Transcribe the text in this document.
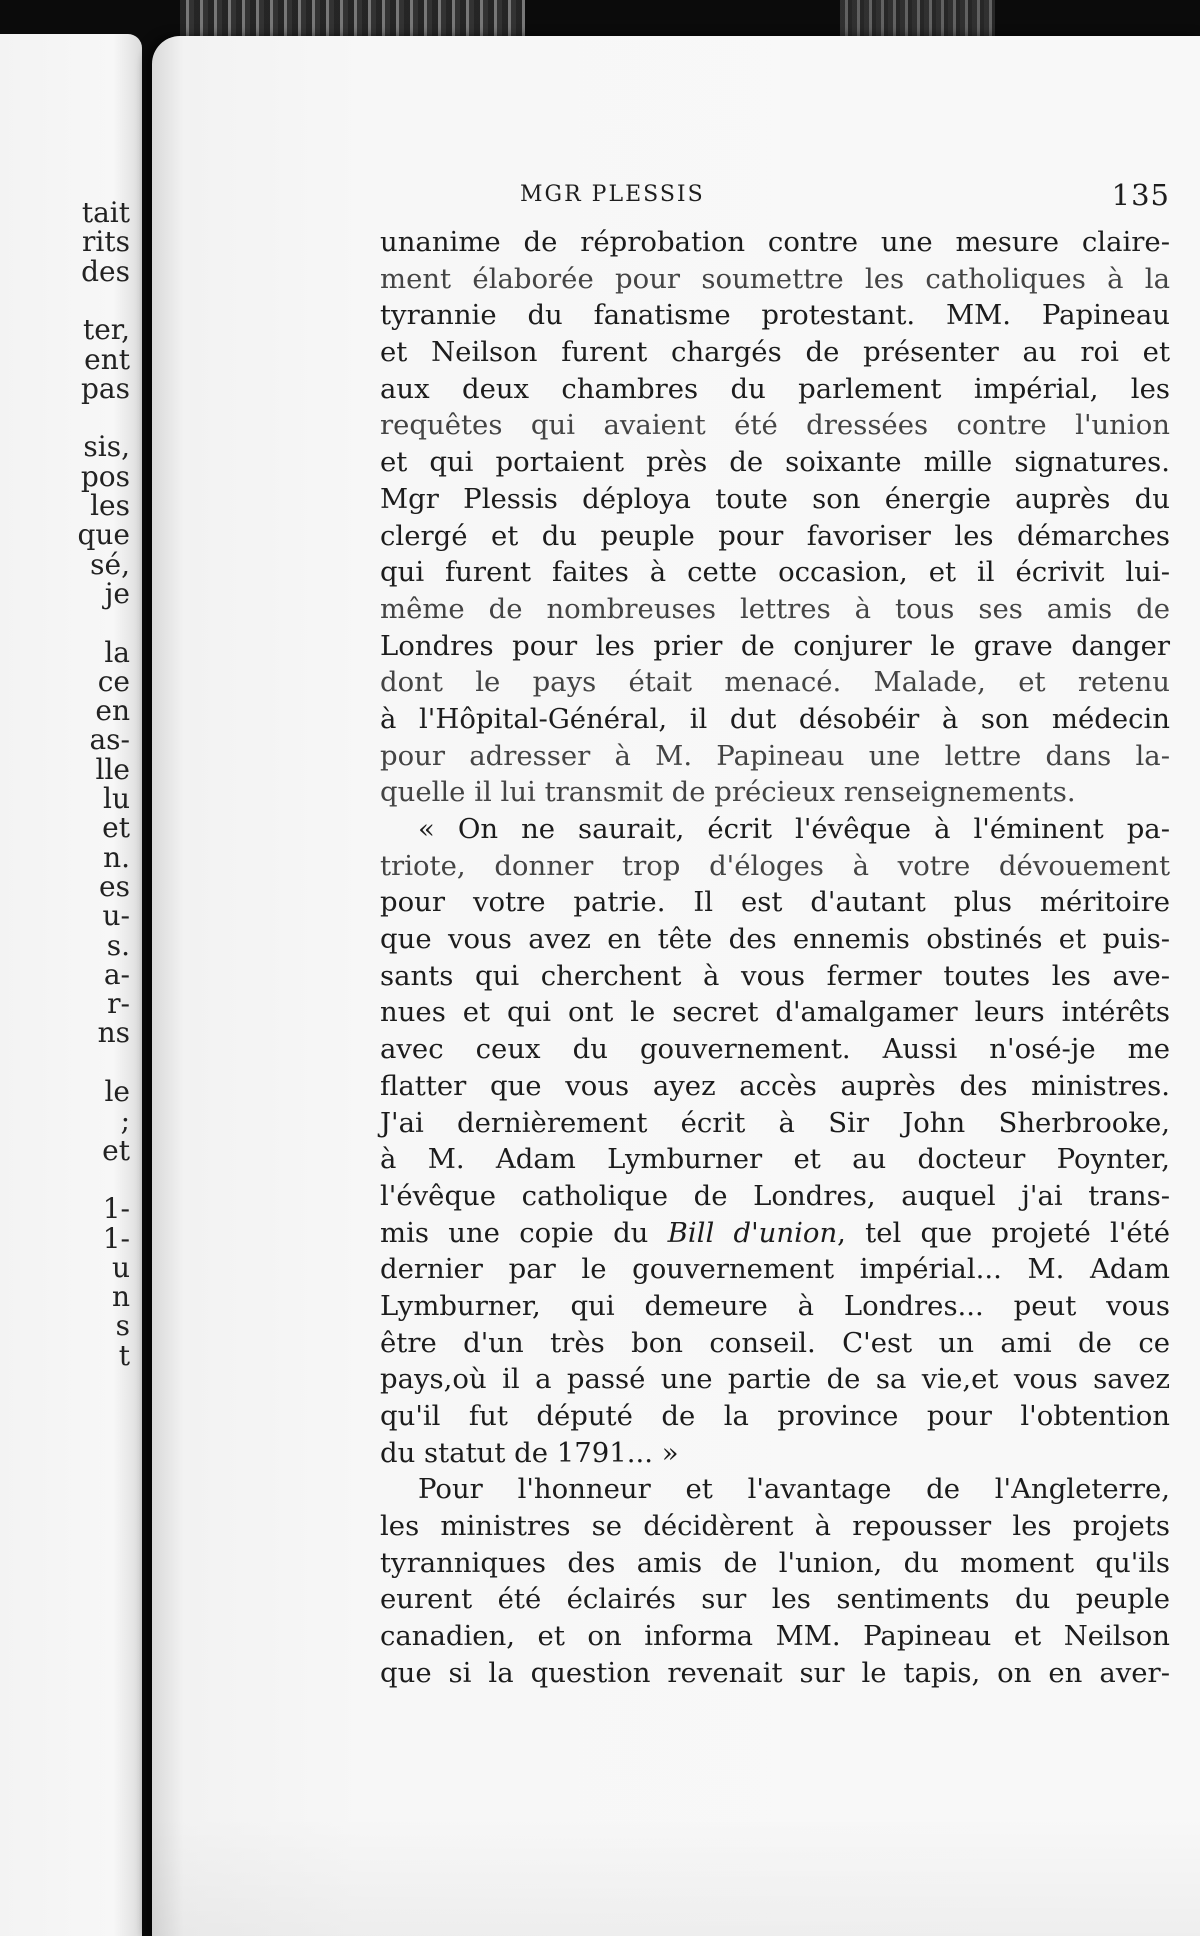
tait
rits
des
ter,
ent
pas
sis,
pos
les
que
sé,
je
la
ce
en
as-
lle
lu
et
n.
es
u-
s.
a-
r-
ns
le
;
et
1-
1-
u
n
s
t
MGR PLESSIS	135
unanime de réprobation contre une mesure claire-
ment élaborée pour soumettre les catholiques à la
tyrannie du fanatisme protestant. MM. Papineau
et Neilson furent chargés de présenter au roi et
aux deux chambres du parlement impérial, les
requêtes qui avaient été dressées contre l'union
et qui portaient près de soixante mille signatures.
Mgr Plessis déploya toute son énergie auprès du
clergé et du peuple pour favoriser les démarches
qui furent faites à cette occasion, et il écrivit lui-
même de nombreuses lettres à tous ses amis de
Londres pour les prier de conjurer le grave danger
dont le pays était menacé. Malade, et retenu
à l'Hôpital-Général, il dut désobéir à son médecin
pour adresser à M. Papineau une lettre dans la-
quelle il lui transmit de précieux renseignements.
« On ne saurait, écrit l'évêque à l'éminent pa-
triote, donner trop d'éloges à votre dévouement
pour votre patrie. Il est d'autant plus méritoire
que vous avez en tête des ennemis obstinés et puis-
sants qui cherchent à vous fermer toutes les ave-
nues et qui ont le secret d'amalgamer leurs intérêts
avec ceux du gouvernement. Aussi n'osé-je me
flatter que vous ayez accès auprès des ministres.
J'ai dernièrement écrit à Sir John Sherbrooke,
à M. Adam Lymburner et au docteur Poynter,
l'évêque catholique de Londres, auquel j'ai trans-
mis une copie du Bill d'union, tel que projeté l'été
dernier par le gouvernement impérial... M. Adam
Lymburner, qui demeure à Londres... peut vous
être d'un très bon conseil. C'est un ami de ce
pays,où il a passé une partie de sa vie,et vous savez
qu'il fut député de la province pour l'obtention
du statut de 1791... »
Pour l'honneur et l'avantage de l'Angleterre,
les ministres se décidèrent à repousser les projets
tyranniques des amis de l'union, du moment qu'ils
eurent été éclairés sur les sentiments du peuple
canadien, et on informa MM. Papineau et Neilson
que si la question revenait sur le tapis, on en aver-
